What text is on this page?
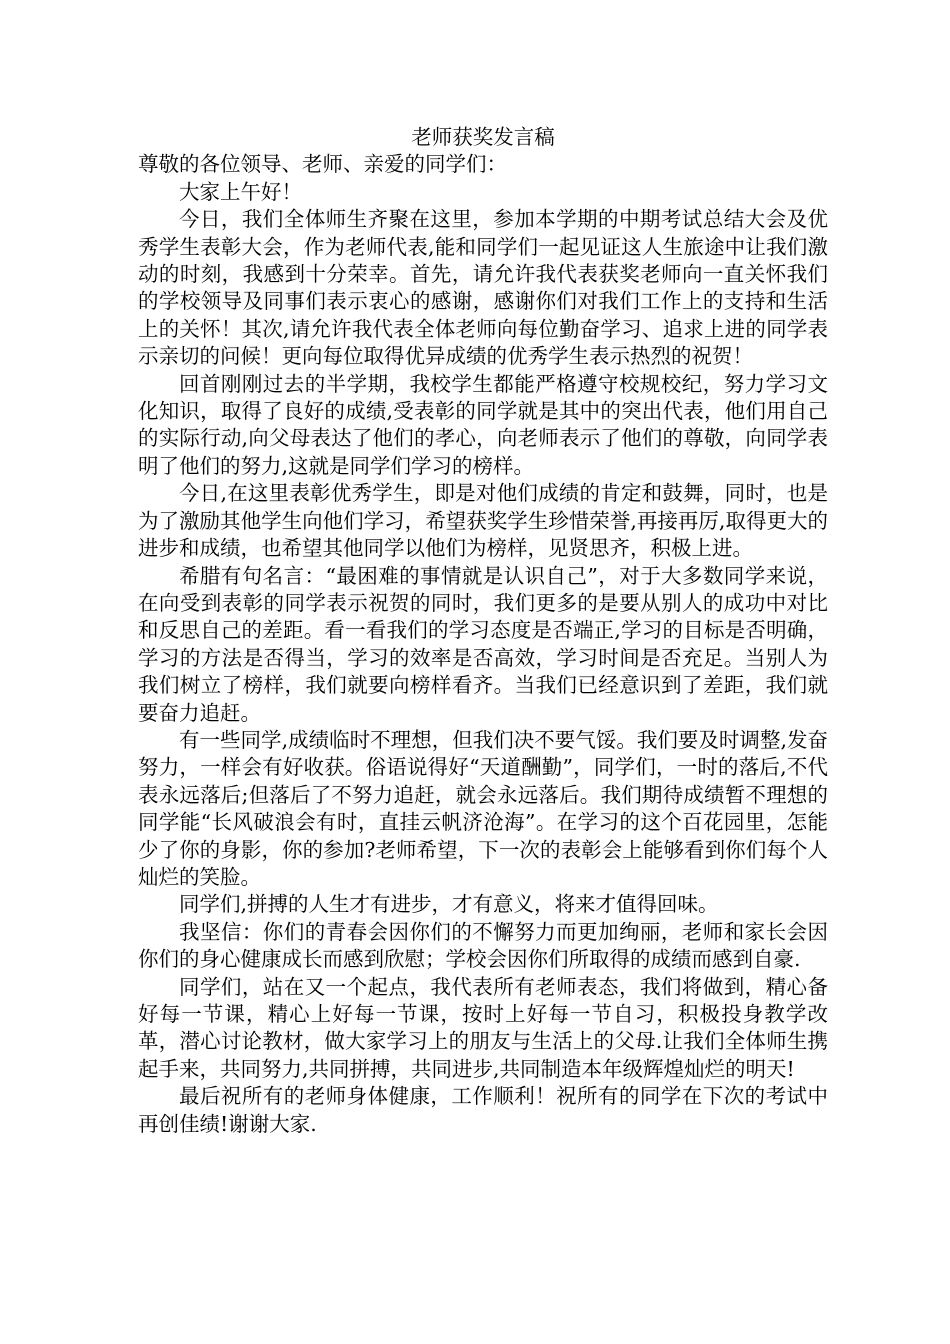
老师获奖发言稿

尊敬的各位领导、老师、亲爱的同学们：

大家上午好！

今日，我们全体师生齐聚在这里，参加本学期的中期考试总结大会及优秀学生表彰大会，作为老师代表,能和同学们一起见证这人生旅途中让我们激动的时刻，我感到十分荣幸。首先，请允许我代表获奖老师向一直关怀我们的学校领导及同事们表示衷心的感谢，感谢你们对我们工作上的支持和生活上的关怀！其次,请允许我代表全体老师向每位勤奋学习、追求上进的同学表示亲切的问候！更向每位取得优异成绩的优秀学生表示热烈的祝贺！

回首刚刚过去的半学期，我校学生都能严格遵守校规校纪，努力学习文化知识，取得了良好的成绩,受表彰的同学就是其中的突出代表，他们用自己的实际行动,向父母表达了他们的孝心，向老师表示了他们的尊敬，向同学表明了他们的努力,这就是同学们学习的榜样。

今日,在这里表彰优秀学生，即是对他们成绩的肯定和鼓舞，同时，也是为了激励其他学生向他们学习，希望获奖学生珍惜荣誉,再接再厉,取得更大的进步和成绩，也希望其他同学以他们为榜样，见贤思齐，积极上进。

希腊有句名言：“最困难的事情就是认识自己”，对于大多数同学来说，在向受到表彰的同学表示祝贺的同时，我们更多的是要从别人的成功中对比和反思自己的差距。看一看我们的学习态度是否端正,学习的目标是否明确，学习的方法是否得当，学习的效率是否高效，学习时间是否充足。当别人为我们树立了榜样，我们就要向榜样看齐。当我们已经意识到了差距，我们就要奋力追赶。

有一些同学,成绩临时不理想，但我们决不要气馁。我们要及时调整,发奋努力，一样会有好收获。俗语说得好“天道酬勤”，同学们，一时的落后,不代表永远落后;但落后了不努力追赶，就会永远落后。我们期待成绩暂不理想的同学能“长风破浪会有时，直挂云帆济沧海”。在学习的这个百花园里，怎能少了你的身影，你的参加?老师希望，下一次的表彰会上能够看到你们每个人灿烂的笑脸。

同学们,拼搏的人生才有进步，才有意义，将来才值得回味。

我坚信：你们的青春会因你们的不懈努力而更加绚丽，老师和家长会因你们的身心健康成长而感到欣慰；学校会因你们所取得的成绩而感到自豪.

同学们，站在又一个起点，我代表所有老师表态，我们将做到，精心备好每一节课，精心上好每一节课，按时上好每一节自习，积极投身教学改革，潜心讨论教材，做大家学习上的朋友与生活上的父母.让我们全体师生携起手来，共同努力,共同拼搏，共同进步,共同制造本年级辉煌灿烂的明天!

最后祝所有的老师身体健康，工作顺利！祝所有的同学在下次的考试中再创佳绩!谢谢大家.
